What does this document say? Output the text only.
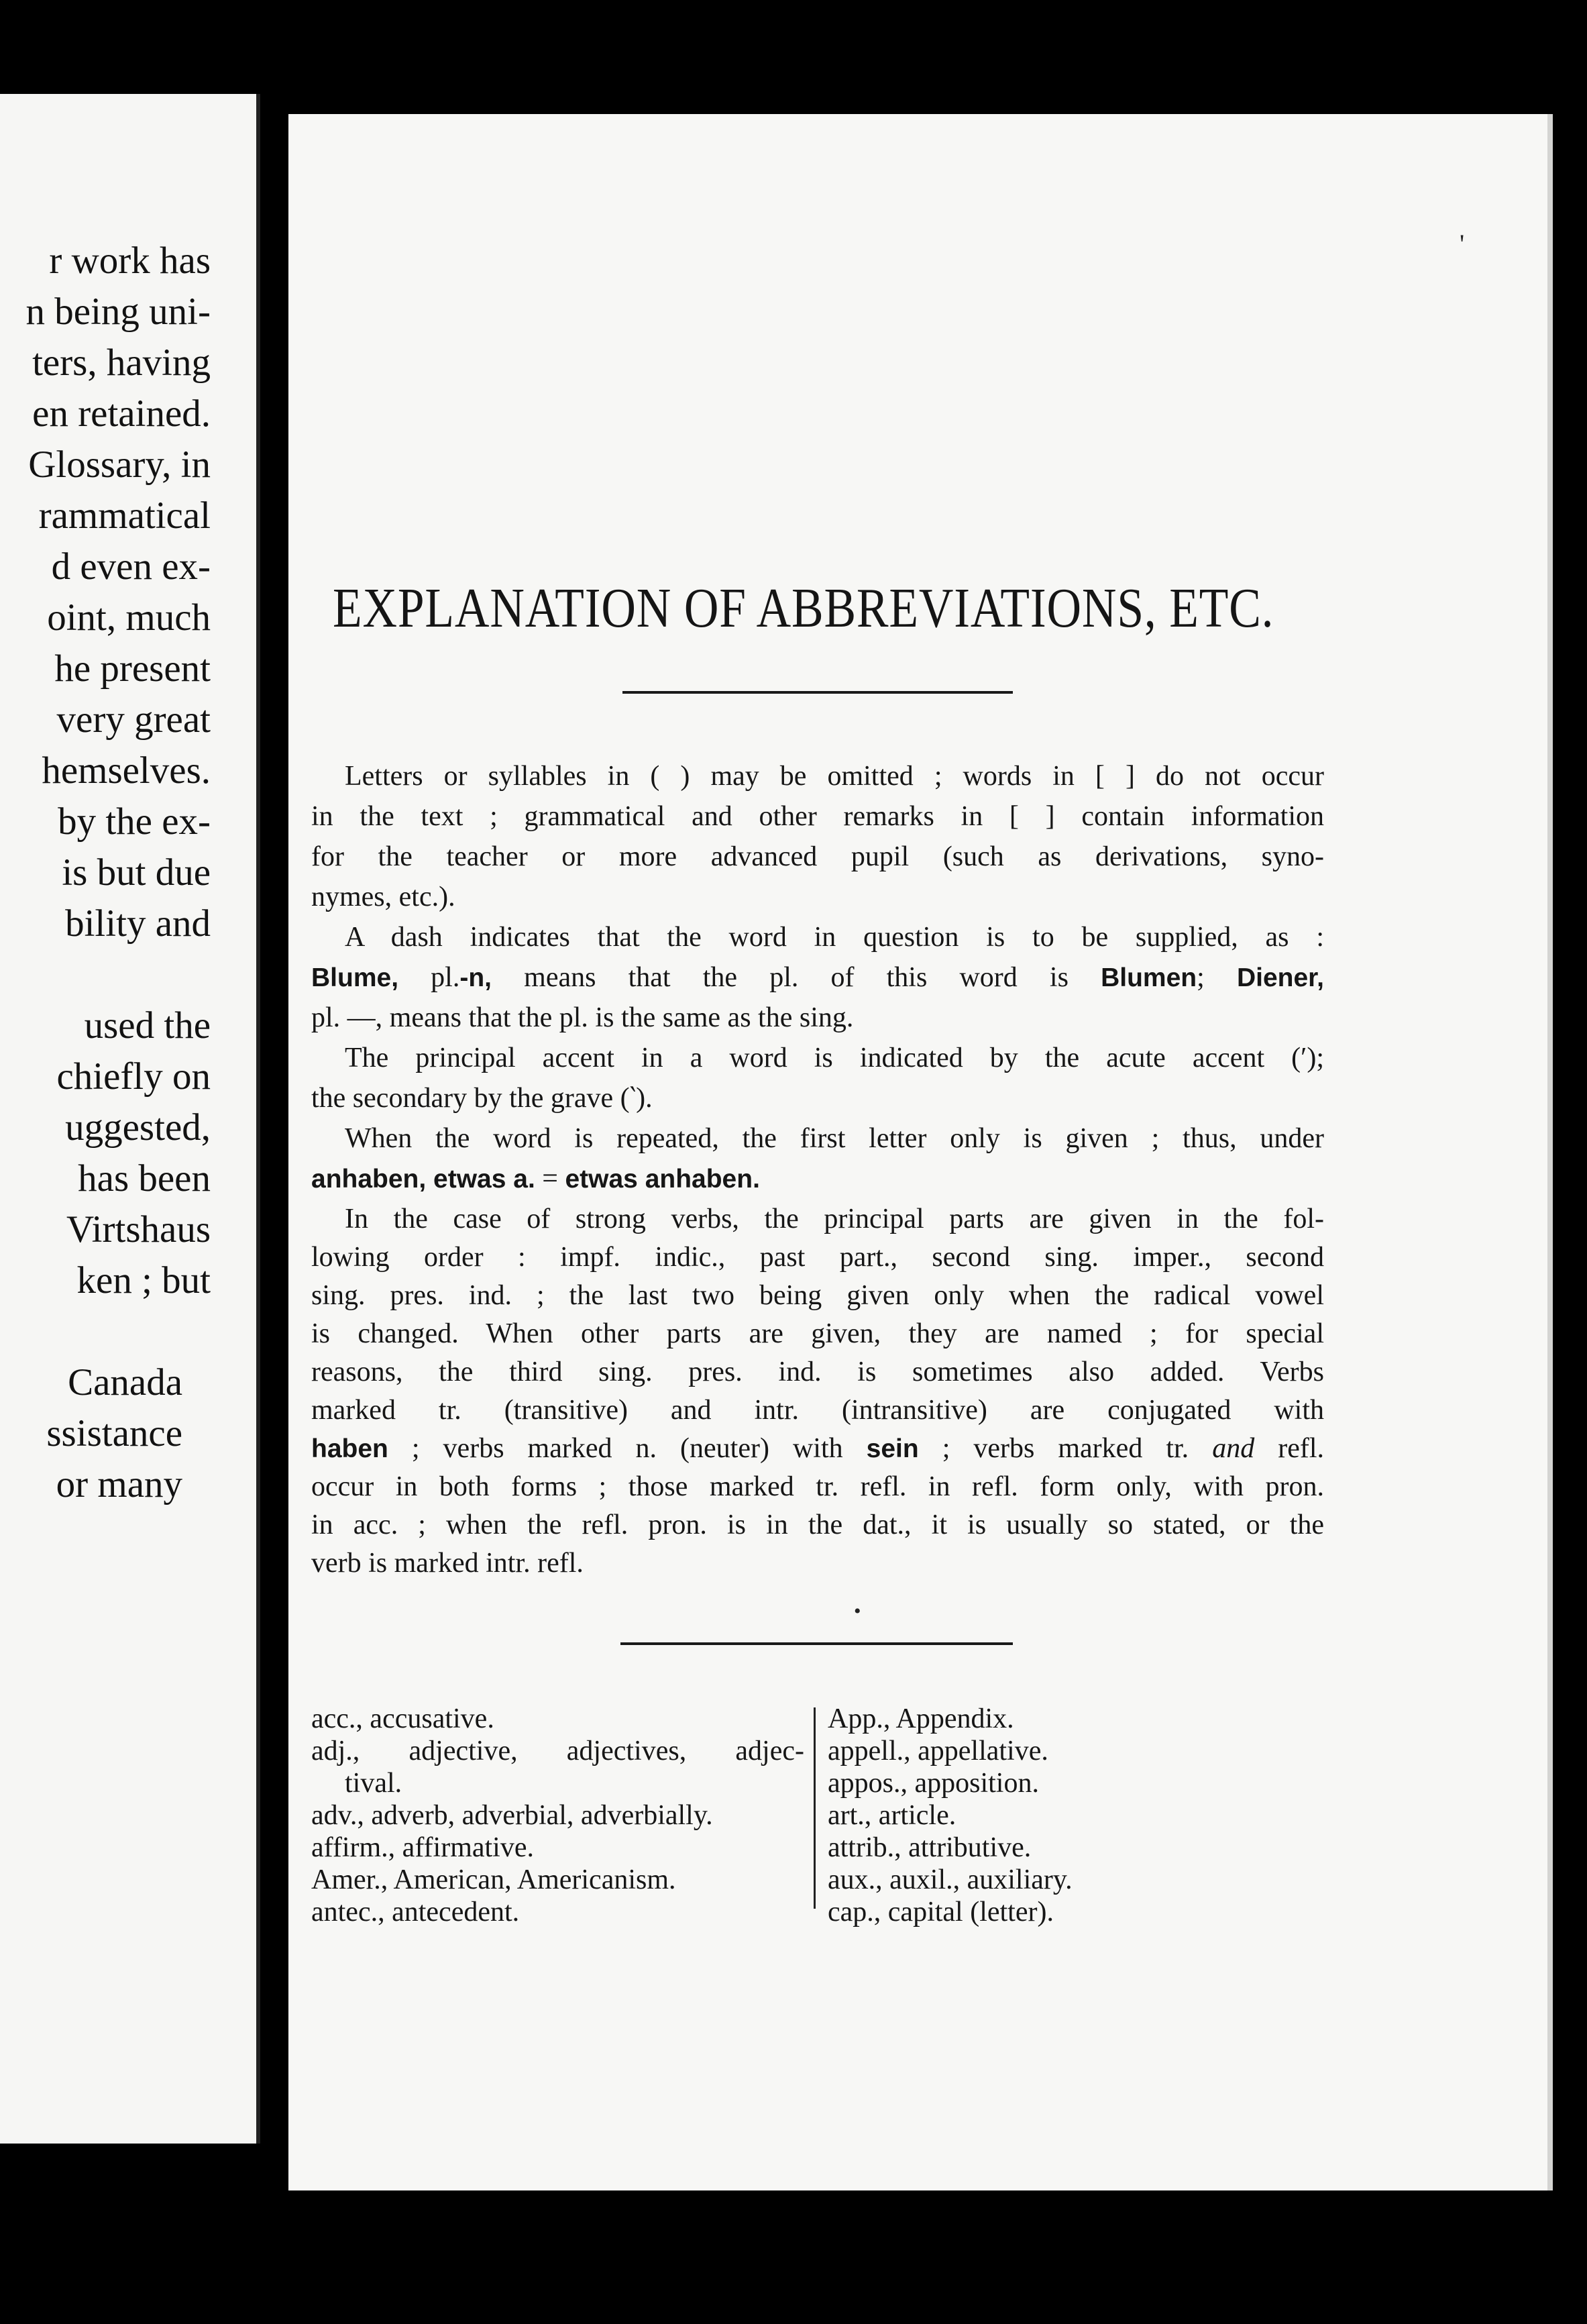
r work has
n being uni-
ters, having
en retained.
Glossary, in
rammatical
d even ex-
oint, much
he present
very great
hemselves.
by the ex-
is but due
bility and
used the
chiefly on
uggested,
has been
Virtshaus
ken ; but
Canada
ssistance
or many
'
•
EXPLANATION OF ABBREVIATIONS, ETC.
Letters or syllables in ( ) may be omitted ; words in [ ] do not occur
in the text ; grammatical and other remarks in [ ] contain information
for the teacher or more advanced pupil (such as derivations, syno-
nymes, etc.).
A dash indicates that the word in question is to be supplied, as :
Blume, pl.-n, means that the pl. of this word is Blumen; Diener,
pl. —, means that the pl. is the same as the sing.
The principal accent in a word is indicated by the acute accent (′);
the secondary by the grave (‵).
When the word is repeated, the first letter only is given ; thus, under
anhaben, etwas a. = etwas anhaben.
In the case of strong verbs, the principal parts are given in the fol-
lowing order : impf. indic., past part., second sing. imper., second
sing. pres. ind. ; the last two being given only when the radical vowel
is changed. When other parts are given, they are named ; for special
reasons, the third sing. pres. ind. is sometimes also added. Verbs
marked tr. (transitive) and intr. (intransitive) are conjugated with
haben ; verbs marked n. (neuter) with sein ; verbs marked tr. and refl.
occur in both forms ; those marked tr. refl. in refl. form only, with pron.
in acc. ; when the refl. pron. is in the dat., it is usually so stated, or the
verb is marked intr. refl.
acc., accusative.
adj., adjective, adjectives, adjec-
tival.
adv., adverb, adverbial, adverbially.
affirm., affirmative.
Amer., American, Americanism.
antec., antecedent.
App., Appendix.
appell., appellative.
appos., apposition.
art., article.
attrib., attributive.
aux., auxil., auxiliary.
cap., capital (letter).
